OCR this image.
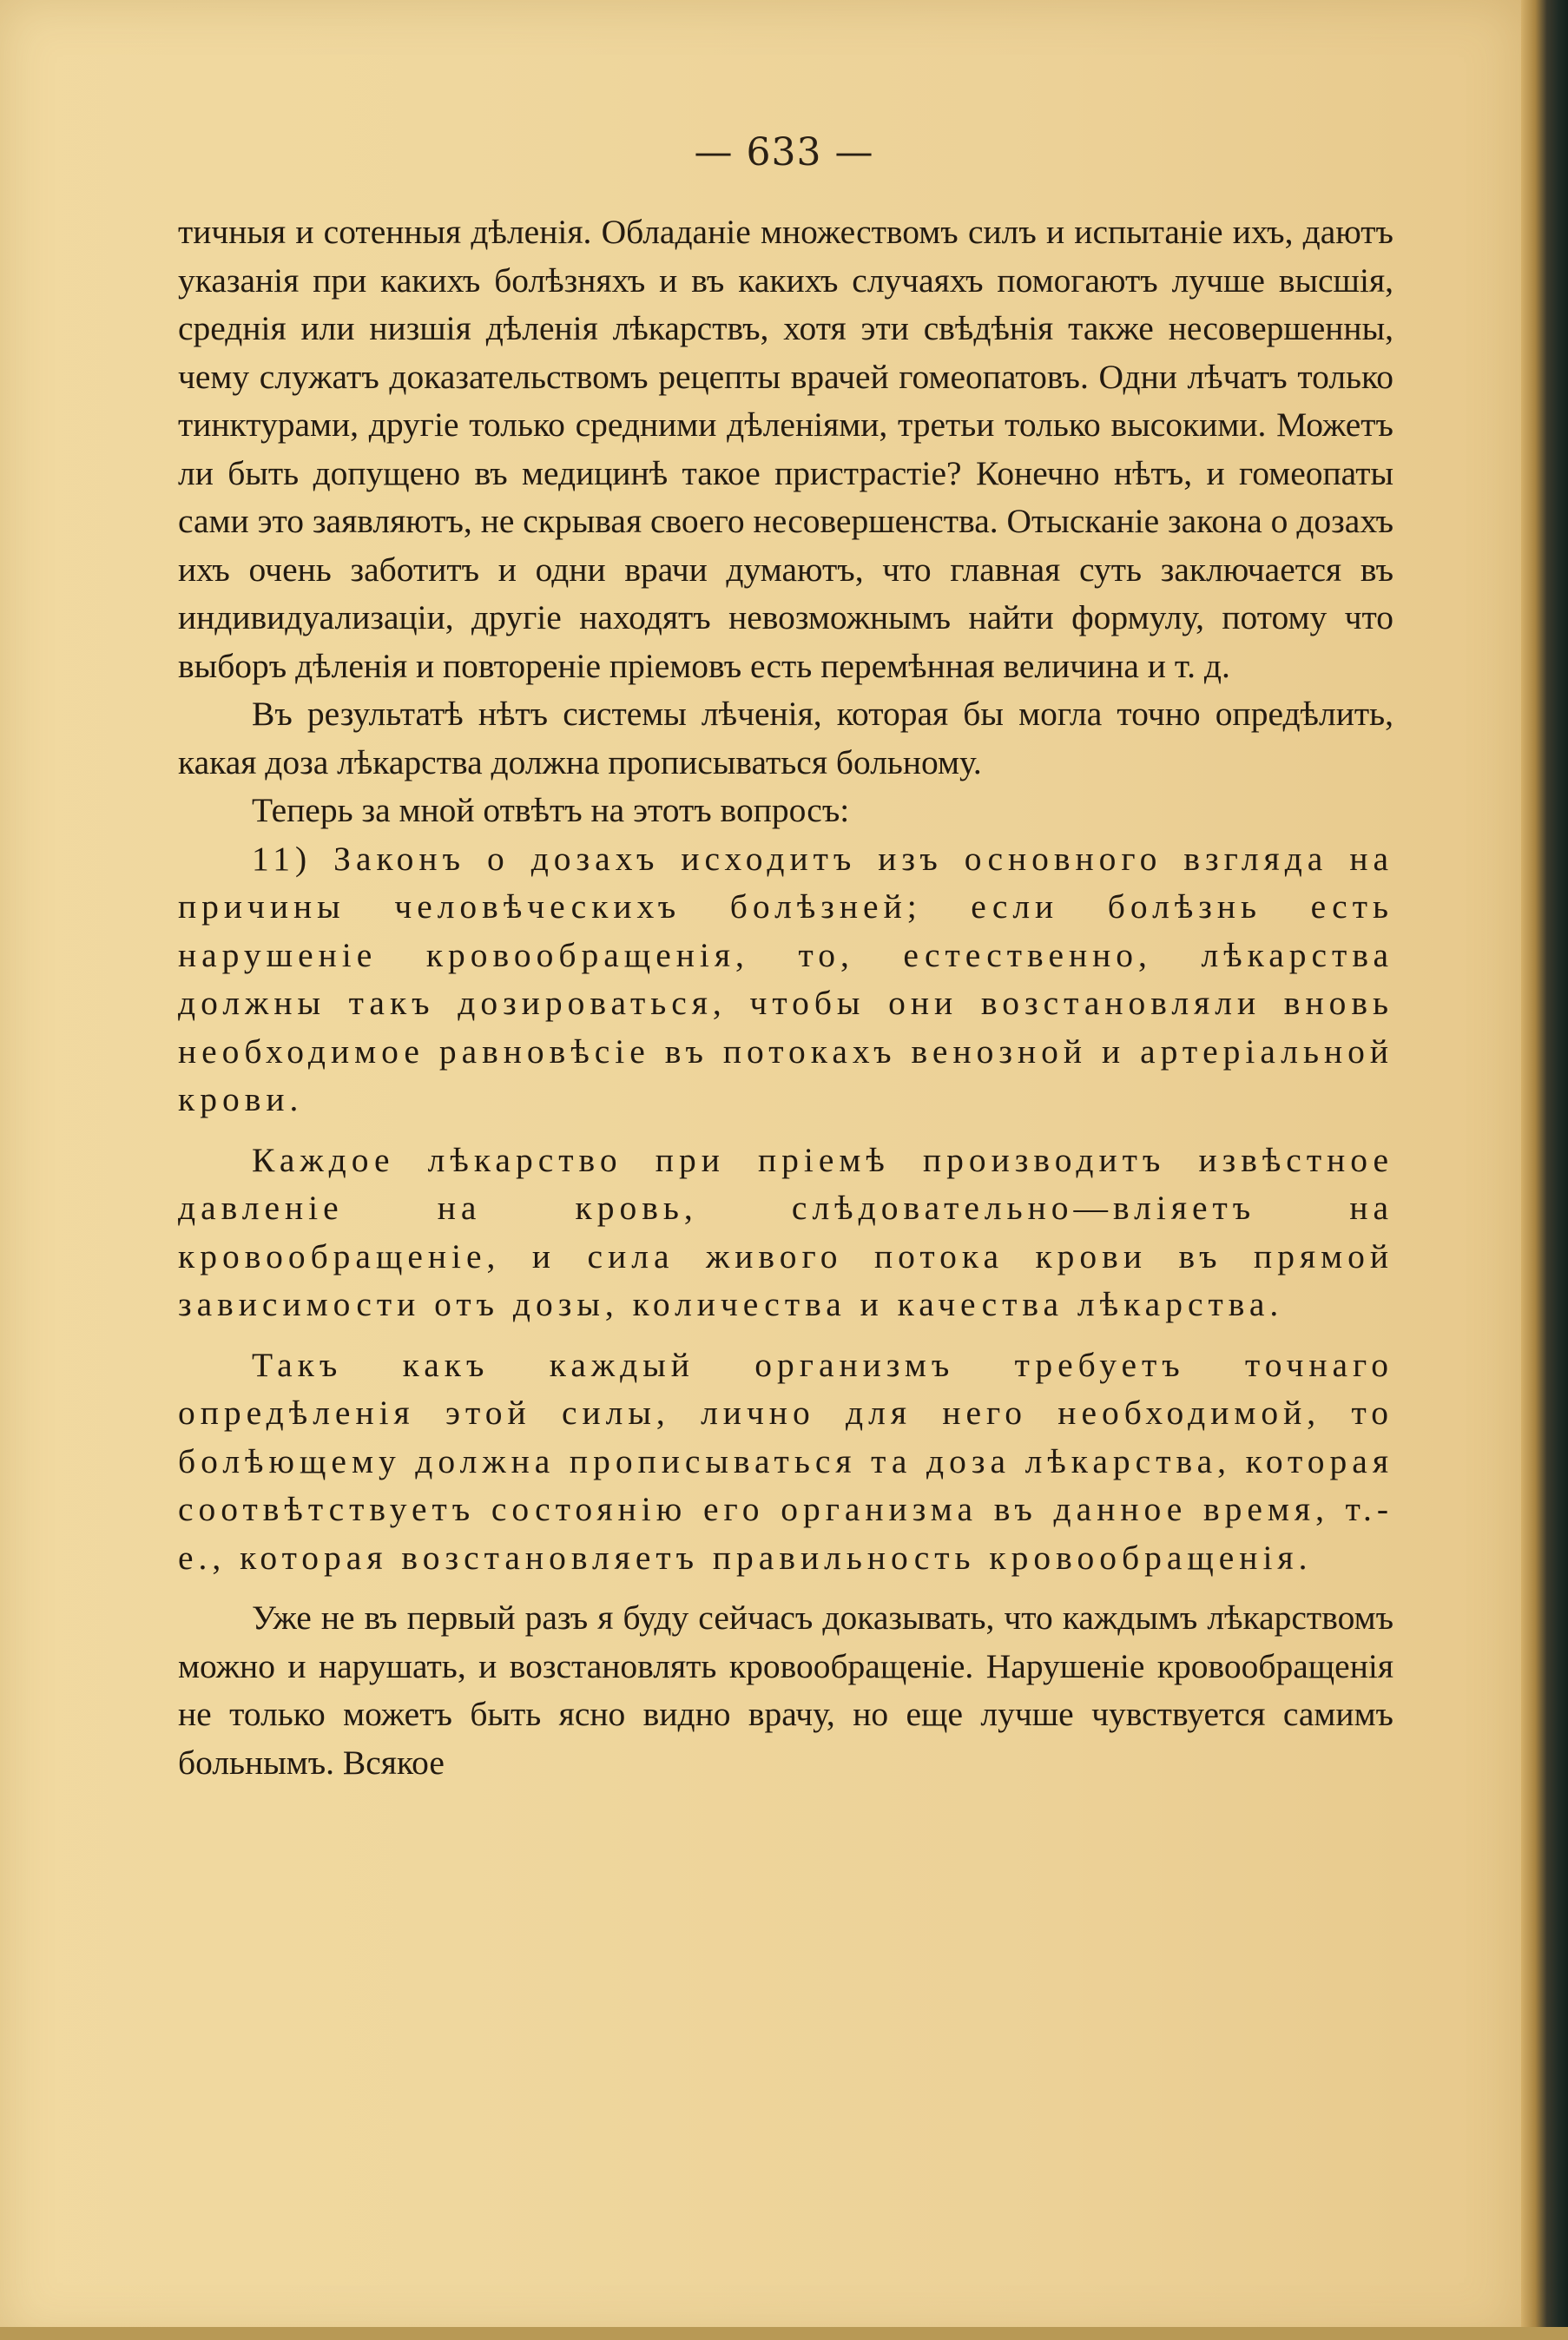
— 633 —

тичныя и сотенныя дѣленія. Обладаніе множествомъ силъ и испытаніе ихъ, даютъ указанія при какихъ болѣзняхъ и въ какихъ случаяхъ помогаютъ лучше высшія, среднія или низшія дѣленія лѣкарствъ, хотя эти свѣдѣнія также несовершенны, чему служатъ доказательствомъ рецепты врачей гомеопатовъ. Одни лѣчатъ только тинктурами, другіе только средними дѣленіями, третьи только высокими. Можетъ ли быть допущено въ медицинѣ такое пристрастіе? Конечно нѣтъ, и гомеопаты сами это заявляютъ, не скрывая своего несовершенства. Отысканіе закона о дозахъ ихъ очень заботитъ и одни врачи думаютъ, что главная суть заключается въ индивидуализаціи, другіе находятъ невозможнымъ найти формулу, потому что выборъ дѣленія и повтореніе пріемовъ есть перемѣнная величина и т. д.

Въ результатѣ нѣтъ системы лѣченія, которая бы могла точно опредѣлить, какая доза лѣкарства должна прописываться больному.

Теперь за мной отвѣтъ на этотъ вопросъ:

11) Законъ о дозахъ исходитъ изъ основного взгляда на причины человѣческихъ болѣзней; если болѣзнь есть нарушеніе кровообращенія, то, естественно, лѣкарства должны такъ дозироваться, чтобы они возстановляли вновь необходимое равновѣсіе въ потокахъ венозной и артеріальной крови.

Каждое лѣкарство при пріемѣ производитъ извѣстное давленіе на кровь, слѣдовательно—вліяетъ на кровообращеніе, и сила живого потока крови въ прямой зависимости отъ дозы, количества и качества лѣкарства.

Такъ какъ каждый организмъ требуетъ точнаго опредѣленія этой силы, лично для него необходимой, то болѣющему должна прописываться та доза лѣкарства, которая соотвѣтствуетъ состоянію его организма въ данное время, т.-е., которая возстановляетъ правильность кровообращенія.

Уже не въ первый разъ я буду сейчасъ доказывать, что каждымъ лѣкарствомъ можно и нарушать, и возстановлять кровообращеніе. Нарушеніе кровообращенія не только можетъ быть ясно видно врачу, но еще лучше чувствуется самимъ больнымъ. Всякое
